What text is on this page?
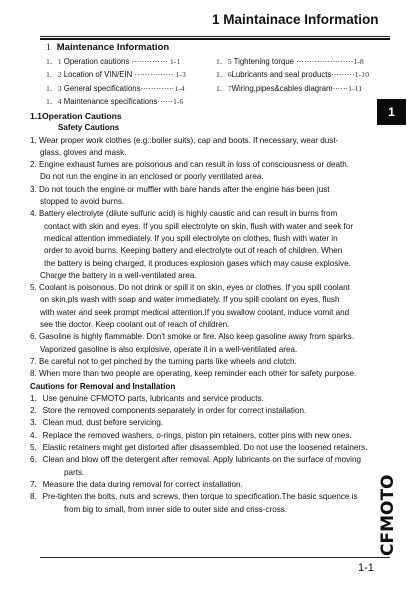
1 Maintainace Information
1 Maintenance Information
1．1 Operation cautions ·············· 1-1
1．2 Location of VIN/EIN ··············· 1-3
1．3 General specifications·············1-4
1．4 Maintenance specifications······1-6
1．5 Tightening torque ······················1-8
1．6Lubricants and seal products·········1-10
1．7Wiring,pipes&cables diagram······1-11
1

1.1Operation Cautions

Safety Cautions

1. Wear proper work clothes (e.g.:boiler suits), cap and boots. If necessary, wear dust-

glass, gloves and mask.

2. Engine exhaust fumes are poisonous and can result in loss of consciousness or death.

Do not run the engine in an enclosed or poorly ventilated area.

3. Do not touch the engine or muffler with bare hands after the engine has been just

stopped to avoid burns.

4. Battery electrolyte (dilute sulfuric acid) is highly caustic and can result in burns from

contact with skin and eyes. If you spill electrolyte on skin, flush with water and seek for

medical attention immediately. If you spill electrolyte on clothes, flush with water in

order to avoid burns. Keeping battery and electrolyte out of reach of children. When

the battery is being charged, it produces explosion gases which may cause explosive.

Charge the battery in a well-ventilated area.

5. Coolant is poisonous. Do not drink or spill it on skin, eyes or clothes. If you spill coolant

on skin,pls wash with soap and water immediately. If you spill coolant on eyes, flush

with water and seek prompt medical attention.If you swallow coolant, induce vomit and

see the doctor. Keep coolant out of reach of children.

6. Gasoline is highly flammable. Don't smoke or fire. Also keep gasoline away from sparks.

Vaporized gasoline is also explosive, operate it in a well-ventilated area.

7. Be careful not to get pinched by the turning parts like wheels and clutch.

8. When more than two people are operating, keep reminder each other for safety purpose.

Cautions for Removal and Installation

1．Use genuine CFMOTO parts, lubricants and service products.

2．Store the removed components separately in order for correct installation.

3．Clean mud, dust before servicing.

4．Replace the removed washers, o-rings, piston pin retainers, cotter pins with new ones.

5．Elastic retainers might get distorted after disassembled. Do not use the loosened retainers.

6．Clean and blow off the detergent after removal. Apply lubricants on the surface of moving

parts.

7．Measure the data during removal for correct installation.

8．Pre-tighten the bolts, nuts and screws, then torque to specification.The basic squence is

from big to small, from inner side to outer side and criss-cross.	CFMOTO
1-1
